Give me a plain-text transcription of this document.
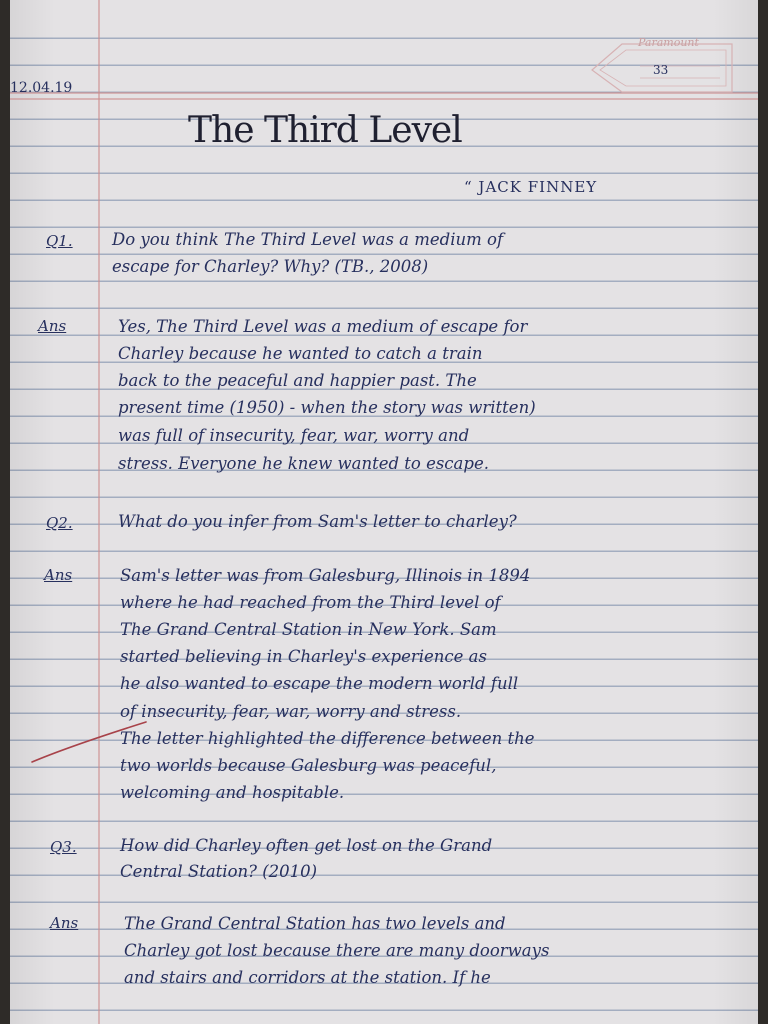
Paramount
33
12.04.19
The Third Level
“ JACK FINNEY
Q1. Do you think The Third Level was a medium of
escape for Charley? Why? (TB., 2008)
Ans	Yes, The Third Level was a medium of escape for
Charley because he wanted to catch a train
back to the peaceful and happier past. The
present time (1950) - when the story was written)
was full of insecurity, fear, war, worry and
stress. Everyone he knew wanted to escape.
Q2.	What do you infer from Sam's letter to charley?
Ans	Sam's letter was from Galesburg, Illinois in 1894
where he had reached from the Third level of
The Grand Central Station in New York. Sam
started believing in Charley's experience as
he also wanted to escape the modern world full
of insecurity, fear, war, worry and stress.
The letter highlighted the difference between the
two worlds because Galesburg was peaceful,
welcoming and hospitable.
Q3.	How did Charley often get lost on the Grand
Central Station? (2010)
Ans	The Grand Central Station has two levels and
Charley got lost because there are many doorways
and stairs and corridors at the station. If he
